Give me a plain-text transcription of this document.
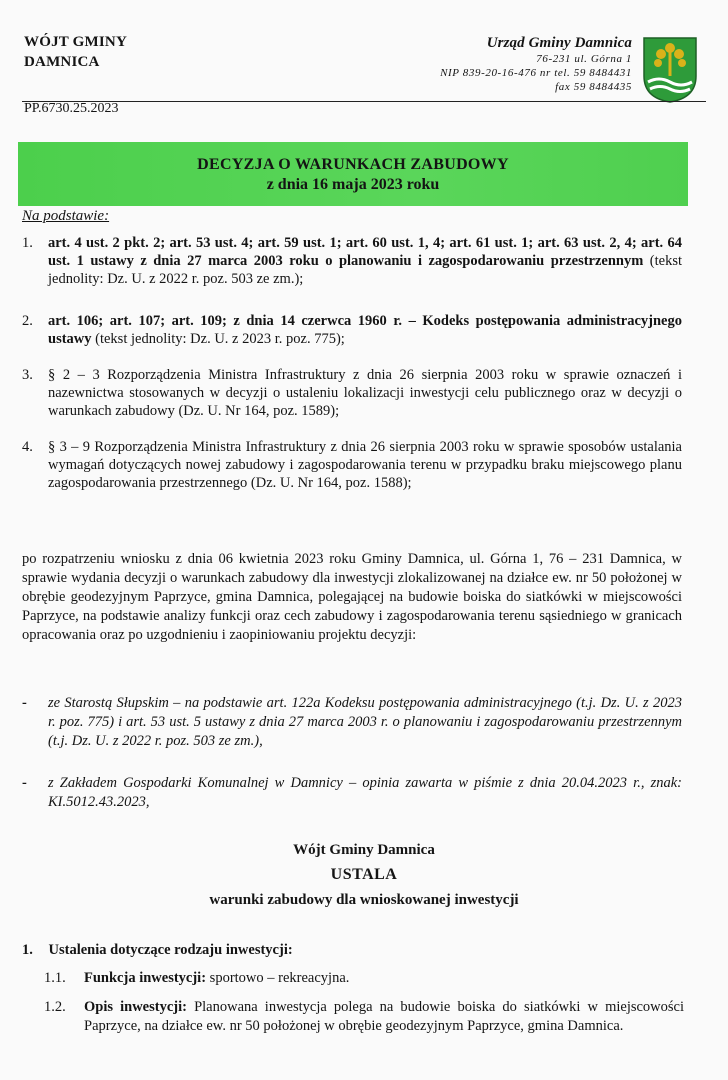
WÓJT GMINY
DAMNICA
Urząd Gminy Damnica
76-231 ul. Górna 1
NIP 839-20-16-476 nr tel. 59 8484431
fax 59 8484435
PP.6730.25.2023
DECYZJA O WARUNKACH ZABUDOWY
z dnia 16 maja 2023 roku
Na podstawie:
1. art. 4 ust. 2 pkt. 2; art. 53 ust. 4; art. 59 ust. 1; art. 60 ust. 1, 4; art. 61 ust. 1; art. 63 ust. 2, 4; art. 64 ust. 1 ustawy z dnia 27 marca 2003 roku o planowaniu i zagospodarowaniu przestrzennym (tekst jednolity: Dz. U. z 2022 r. poz. 503 ze zm.);
2. art. 106; art. 107; art. 109; z dnia 14 czerwca 1960 r. – Kodeks postępowania administracyjnego ustawy (tekst jednolity: Dz. U. z 2023 r. poz. 775);
3. § 2 – 3 Rozporządzenia Ministra Infrastruktury z dnia 26 sierpnia 2003 roku w sprawie oznaczeń i nazewnictwa stosowanych w decyzji o ustaleniu lokalizacji inwestycji celu publicznego oraz w decyzji o warunkach zabudowy (Dz. U. Nr 164, poz. 1589);
4. § 3 – 9 Rozporządzenia Ministra Infrastruktury z dnia 26 sierpnia 2003 roku w sprawie sposobów ustalania wymagań dotyczących nowej zabudowy i zagospodarowania terenu w przypadku braku miejscowego planu zagospodarowania przestrzennego (Dz. U. Nr 164, poz. 1588);
po rozpatrzeniu wniosku z dnia 06 kwietnia 2023 roku Gminy Damnica, ul. Górna 1, 76 – 231 Damnica, w sprawie wydania decyzji o warunkach zabudowy dla inwestycji zlokalizowanej na działce ew. nr 50 położonej w obrębie geodezyjnym Paprzyce, gmina Damnica, polegającej na budowie boiska do siatkówki w miejscowości Paprzyce, na podstawie analizy funkcji oraz cech zabudowy i zagospodarowania terenu sąsiedniego w granicach opracowania oraz po uzgodnieniu i zaopiniowaniu projektu decyzji:
- ze Starostą Słupskim – na podstawie art. 122a Kodeksu postępowania administracyjnego (t.j. Dz. U. z 2023 r. poz. 775) i art. 53 ust. 5 ustawy z dnia 27 marca 2003 r. o planowaniu i zagospodarowaniu przestrzennym (t.j. Dz. U. z 2022 r. poz. 503 ze zm.),
- z Zakładem Gospodarki Komunalnej w Damnicy – opinia zawarta w piśmie z dnia 20.04.2023 r., znak: KI.5012.43.2023,
Wójt Gminy Damnica
USTALA
warunki zabudowy dla wnioskowanej inwestycji
1. Ustalenia dotyczące rodzaju inwestycji:
1.1. Funkcja inwestycji: sportowo – rekreacyjna.
1.2. Opis inwestycji: Planowana inwestycja polega na budowie boiska do siatkówki w miejscowości Paprzyce, na działce ew. nr 50 położonej w obrębie geodezyjnym Paprzyce, gmina Damnica.
